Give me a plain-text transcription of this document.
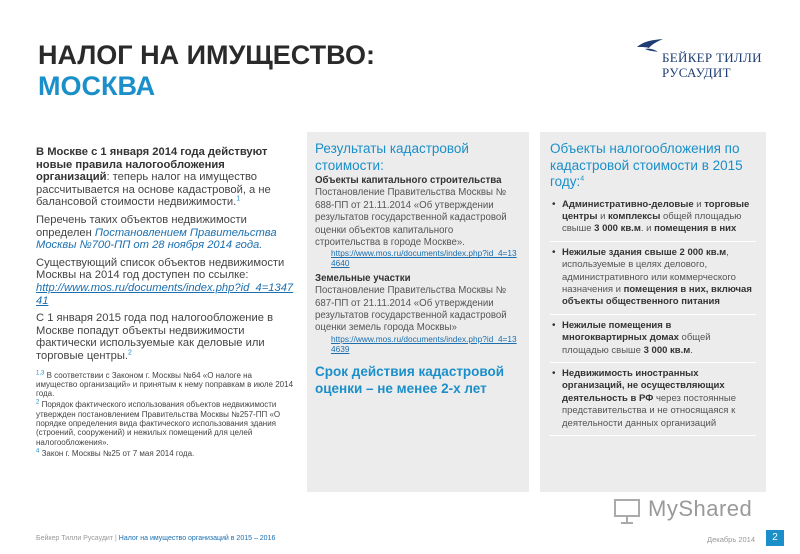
НАЛОГ НА ИМУЩЕСТВО:
МОСКВА
БЕЙКЕР ТИЛЛИ
РУСАУДИТ

В Москве с 1 января 2014 года действуют новые правила налогообложения организаций: теперь налог на имущество рассчитывается на основе кадастровой, а не балансовой стоимости недвижимости.$^1$

Перечень таких объектов недвижимости определен Постановлением Правительства Москвы №700-ПП от 28 ноября 2014 года.

Существующий список объектов недвижимости Москвы на 2014 год доступен по ссылке:
http://www.mos.ru/documents/index.php?id_4=134741

С 1 января 2015 года под налогообложение в Москве попадут объекты недвижимости фактически используемые как деловые или торговые центры.$^2$

$^{1,3}$ В соответствии с Законом г. Москвы №64 «О налоге на имущество организаций» и принятым к нему поправкам в июле 2014 года.
$^2$ Порядок фактического использования объектов недвижимости утвержден постановлением Правительства Москвы №257-ПП «О порядке определения вида фактического использования здания (строений, сооружений) и нежилых помещений для целей налогообложения».
$^4$ Закон г. Москвы №25 от 7 мая 2014 года.
Результаты кадастровой стоимости:
Объекты капитального строительства
Постановление Правительства Москвы № 688-ПП от 21.11.2014 «Об утверждении результатов государственной кадастровой оценки объектов капитального строительства в городе Москве».
https://www.mos.ru/documents/index.php?id_4=134640
Земельные участки
Постановление Правительства Москвы № 687-ПП от 21.11.2014 «Об утверждении результатов государственной кадастровой оценки земель города Москвы»
https://www.mos.ru/documents/index.php?id_4=134639
Срок действия кадастровой оценки – не менее 2-х лет
Объекты налогообложения по кадастровой стоимости в 2015 году:$^4$
• Административно-деловые и торговые центры и комплексы общей площадью свыше 3 000 кв.м. и помещения в них
• Нежилые здания свыше 2 000 кв.м, используемые в целях делового, административного или коммерческого назначения и помещения в них, включая объекты общественного питания
• Нежилые помещения в многоквартирных домах общей площадью свыше 3 000 кв.м.
• Недвижимость иностранных организаций, не осуществляющих деятельность в РФ через постоянные представительства и не относящаяся к деятельности данных организаций
MyShared
Бейкер Тилли Русаудит | Налог на имущество организаций в 2015 – 2016	Декабрь 2014	2
